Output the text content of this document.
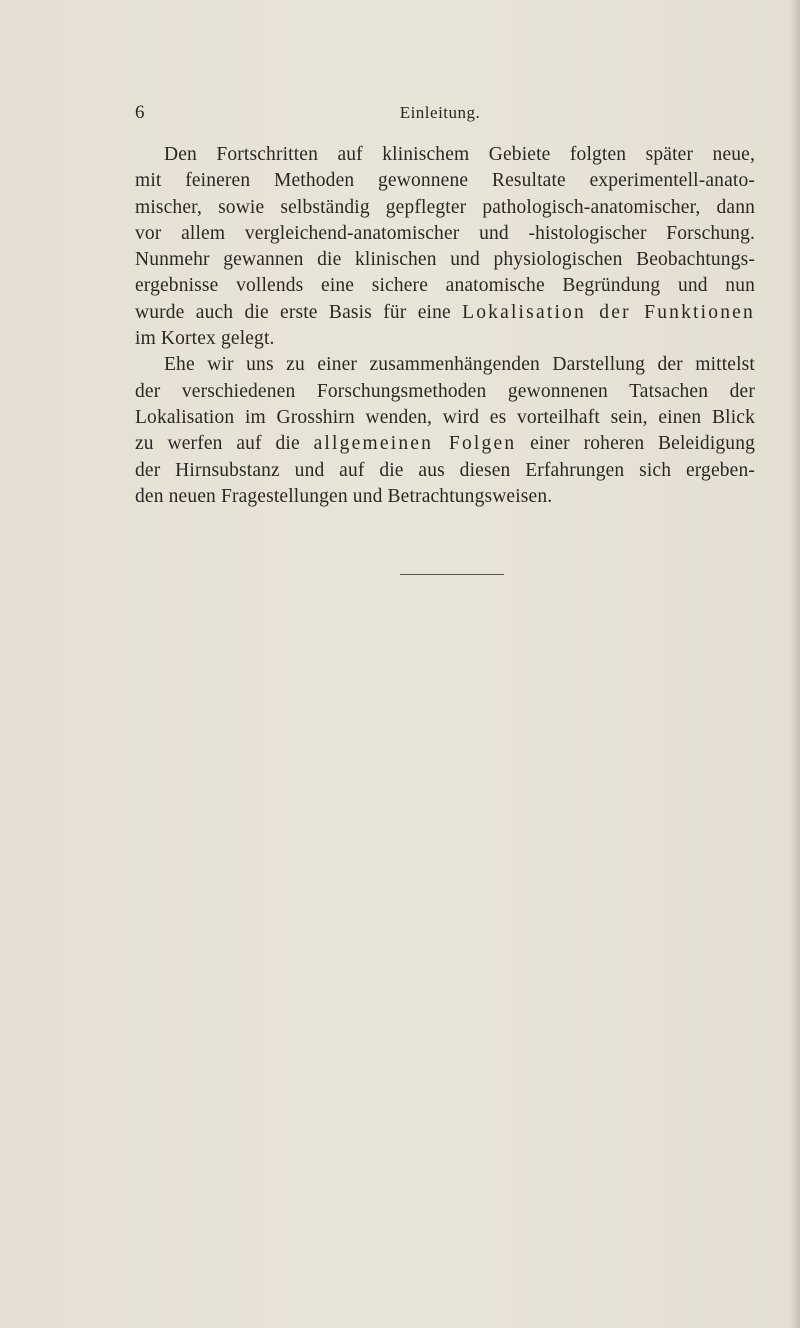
6	Einleitung.
Den Fortschritten auf klinischem Gebiete folgten später neue,
mit feineren Methoden gewonnene Resultate experimentell-anato-
mischer, sowie selbständig gepflegter pathologisch-anatomischer, dann
vor allem vergleichend-anatomischer und -histologischer Forschung.
Nunmehr gewannen die klinischen und physiologischen Beobachtungs-
ergebnisse vollends eine sichere anatomische Begründung und nun
wurde auch die erste Basis für eine Lokalisation der Funktionen
im Kortex gelegt.
Ehe wir uns zu einer zusammenhängenden Darstellung der mittelst
der verschiedenen Forschungsmethoden gewonnenen Tatsachen der
Lokalisation im Grosshirn wenden, wird es vorteilhaft sein, einen Blick
zu werfen auf die allgemeinen Folgen einer roheren Beleidigung
der Hirnsubstanz und auf die aus diesen Erfahrungen sich ergeben-
den neuen Fragestellungen und Betrachtungsweisen.
